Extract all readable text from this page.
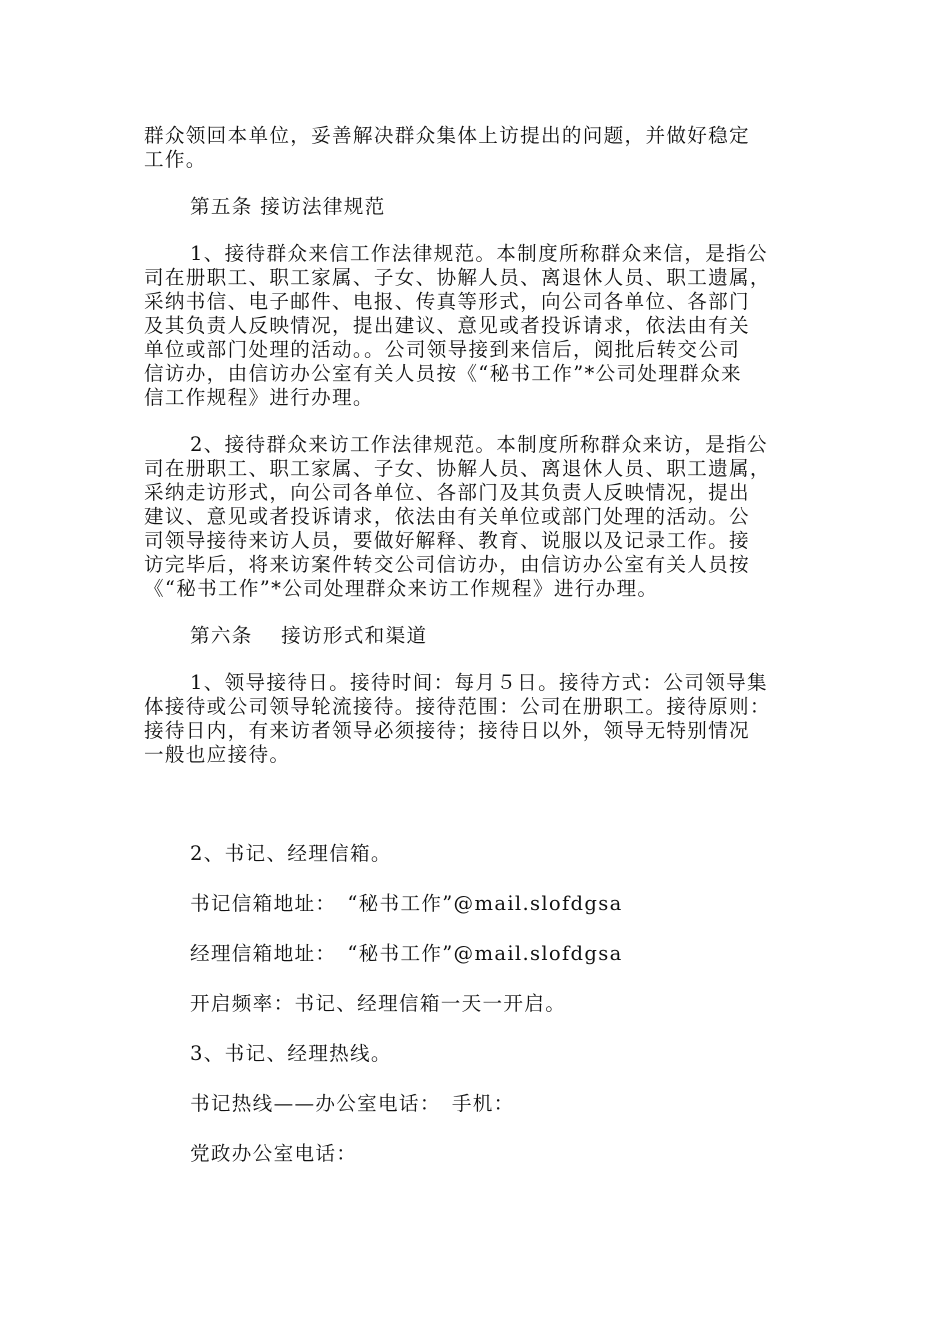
群众领回本单位，妥善解决群众集体上访提出的问题，并做好稳定
工作。
第五条 接访法律规范
1、接待群众来信工作法律规范。本制度所称群众来信，是指公
司在册职工、职工家属、子女、协解人员、离退休人员、职工遗属，
采纳书信、电子邮件、电报、传真等形式，向公司各单位、各部门
及其负责人反映情况，提出建议、意见或者投诉请求，依法由有关
单位或部门处理的活动。。公司领导接到来信后，阅批后转交公司
信访办，由信访办公室有关人员按《“秘书工作”*公司处理群众来
信工作规程》进行办理。
2、接待群众来访工作法律规范。本制度所称群众来访，是指公
司在册职工、职工家属、子女、协解人员、离退休人员、职工遗属，
采纳走访形式，向公司各单位、各部门及其负责人反映情况，提出
建议、意见或者投诉请求，依法由有关单位或部门处理的活动。公
司领导接待来访人员，要做好解释、教育、说服以及记录工作。接
访完毕后，将来访案件转交公司信访办，由信访办公室有关人员按
《“秘书工作”*公司处理群众来访工作规程》进行办理。
第六条　 接访形式和渠道
1、领导接待日。接待时间：每月５日。接待方式：公司领导集
体接待或公司领导轮流接待。接待范围：公司在册职工。接待原则：
接待日内，有来访者领导必须接待；接待日以外，领导无特别情况
一般也应接待。
2、书记、经理信箱。
书记信箱地址：　“秘书工作”@mail.slofdgsa
经理信箱地址：　“秘书工作”@mail.slofdgsa
开启频率：书记、经理信箱一天一开启。
3、书记、经理热线。
书记热线——办公室电话：　手机：
党政办公室电话：
